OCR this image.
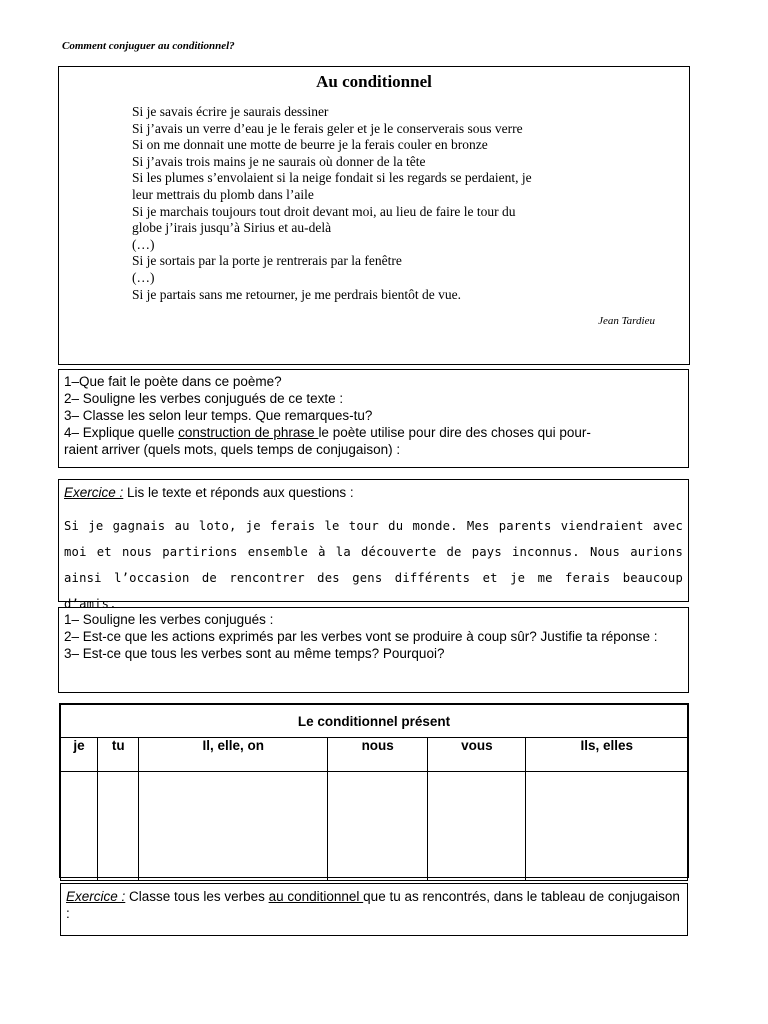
Comment conjuguer au conditionnel?
Au conditionnel
Si je savais écrire je saurais dessiner
Si j’avais un verre d’eau je le ferais geler et je le conserverais sous verre
Si on me donnait une motte de beurre je la ferais couler en bronze
Si j’avais trois mains je ne saurais où donner de la tête
Si les plumes s’envolaient si la neige fondait si les regards se perdaient, je
leur mettrais du plomb dans l’aile
Si je marchais toujours tout droit devant moi, au lieu de faire le tour du
globe j’irais jusqu’à Sirius et au-delà
(…)
Si je sortais par la porte je rentrerais par la fenêtre
(…)
Si je partais sans me retourner, je me perdrais bientôt de vue.
Jean Tardieu
1–Que fait le poète dans ce poème?
2– Souligne les verbes conjugués de ce texte :
3– Classe les selon leur temps. Que remarques-tu?
4– Explique quelle construction de phrase le poète utilise pour dire des choses qui pour-
raient arriver (quels mots, quels temps de conjugaison) :
Exercice : Lis le texte et réponds aux questions :
Si je gagnais au loto, je ferais le tour du monde. Mes parents viendraient avec moi et nous partirions ensemble à la découverte de pays inconnus. Nous aurions ainsi l’occasion de rencontrer des gens différents et je me ferais beaucoup d’amis.
1– Souligne les verbes conjugués :
2– Est-ce que les actions exprimés par les verbes vont se produire à coup sûr? Justifie ta réponse :
3– Est-ce que tous les verbes sont au même temps? Pourquoi?
Le conditionnel présent					
je	tu	Il, elle, on	nous	vous	Ils, elles

Exercice : Classe tous les verbes au conditionnel que tu as rencontrés, dans le tableau de conjugaison :
